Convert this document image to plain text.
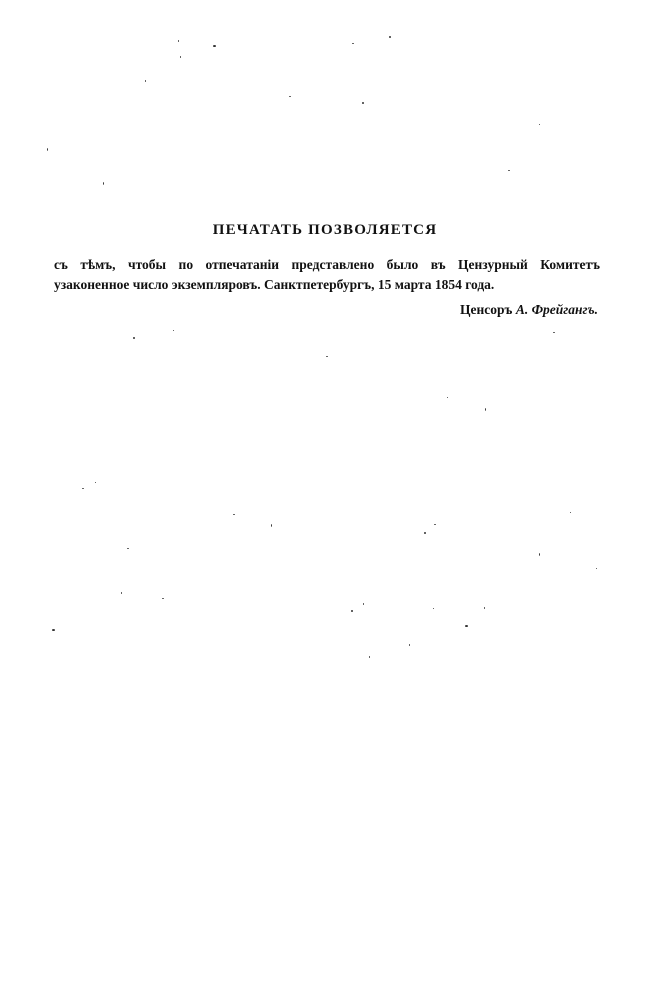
ПЕЧАТАТЬ ПОЗВОЛЯЕТСЯ
съ тѣмъ, чтобы по отпечатаніи представлено было въ Цензурный Комитетъ
узаконенное число экземпляровъ. Санктпетербургъ, 15 марта 1854 года.
Ценсоръ А. Фрейгангъ.
